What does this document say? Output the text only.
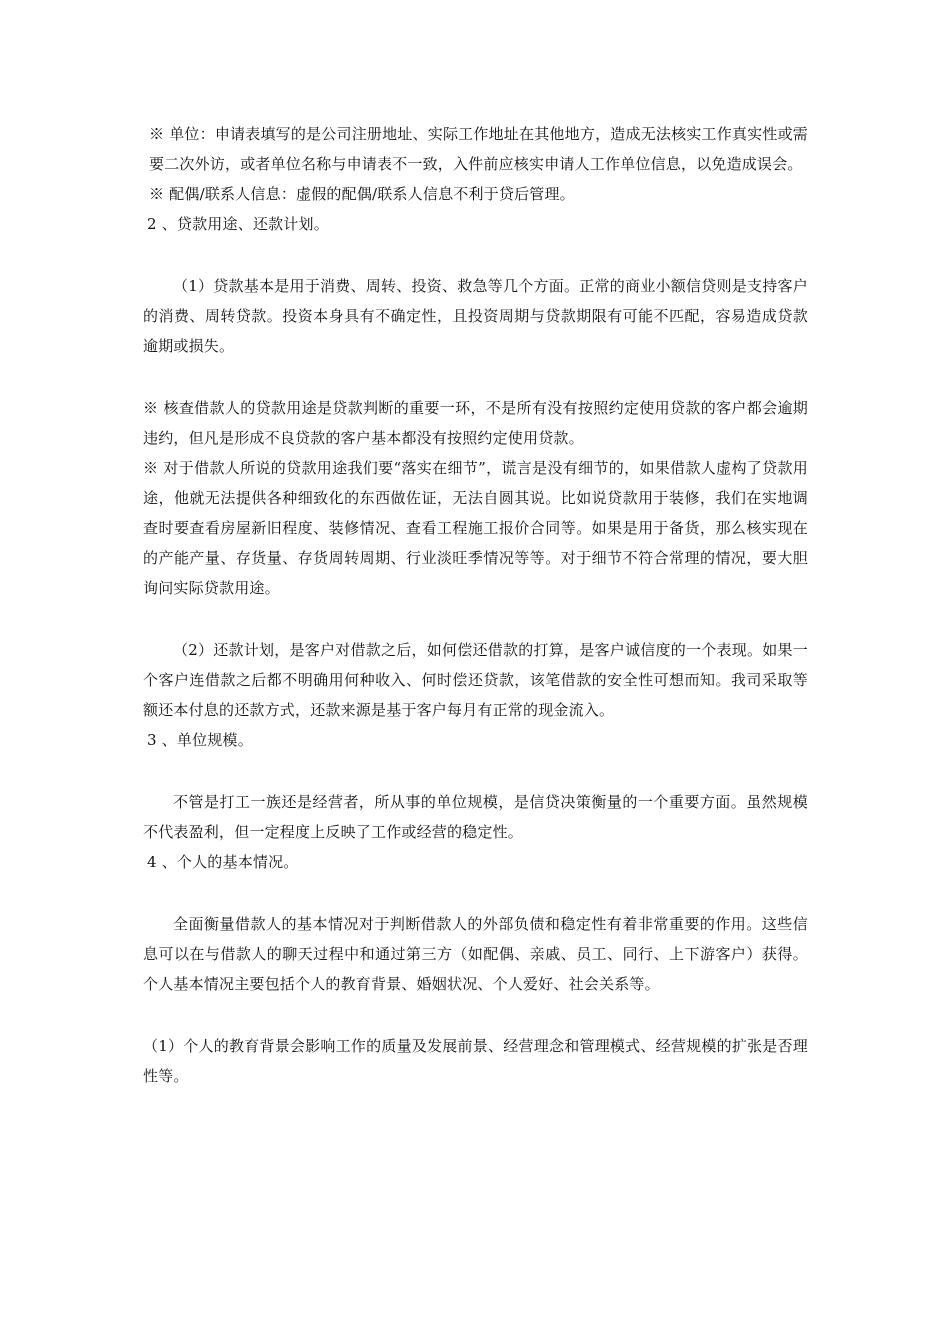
※ 单位：申请表填写的是公司注册地址、实际工作地址在其他地方，造成无法核实工作真实性或需要二次外访，或者单位名称与申请表不一致，入件前应核实申请人工作单位信息，以免造成误会。

※ 配偶/联系人信息：虚假的配偶/联系人信息不利于贷后管理。

2 、贷款用途、还款计划。

（1）贷款基本是用于消费、周转、投资、救急等几个方面。正常的商业小额信贷则是支持客户的消费、周转贷款。投资本身具有不确定性，且投资周期与贷款期限有可能不匹配，容易造成贷款逾期或损失。

※ 核查借款人的贷款用途是贷款判断的重要一环，不是所有没有按照约定使用贷款的客户都会逾期违约，但凡是形成不良贷款的客户基本都没有按照约定使用贷款。

※ 对于借款人所说的贷款用途我们要“落实在细节”，谎言是没有细节的，如果借款人虚构了贷款用途，他就无法提供各种细致化的东西做佐证，无法自圆其说。比如说贷款用于装修，我们在实地调查时要查看房屋新旧程度、装修情况、查看工程施工报价合同等。如果是用于备货，那么核实现在的产能产量、存货量、存货周转周期、行业淡旺季情况等等。对于细节不符合常理的情况，要大胆询问实际贷款用途。

（2）还款计划，是客户对借款之后，如何偿还借款的打算，是客户诚信度的一个表现。如果一个客户连借款之后都不明确用何种收入、何时偿还贷款，该笔借款的安全性可想而知。我司采取等额还本付息的还款方式，还款来源是基于客户每月有正常的现金流入。

3 、单位规模。

不管是打工一族还是经营者，所从事的单位规模，是信贷决策衡量的一个重要方面。虽然规模不代表盈利，但一定程度上反映了工作或经营的稳定性。

4 、个人的基本情况。

全面衡量借款人的基本情况对于判断借款人的外部负债和稳定性有着非常重要的作用。这些信息可以在与借款人的聊天过程中和通过第三方（如配偶、亲戚、员工、同行、上下游客户）获得。个人基本情况主要包括个人的教育背景、婚姻状况、个人爱好、社会关系等。

（1）个人的教育背景会影响工作的质量及发展前景、经营理念和管理模式、经营规模的扩张是否理性等。
